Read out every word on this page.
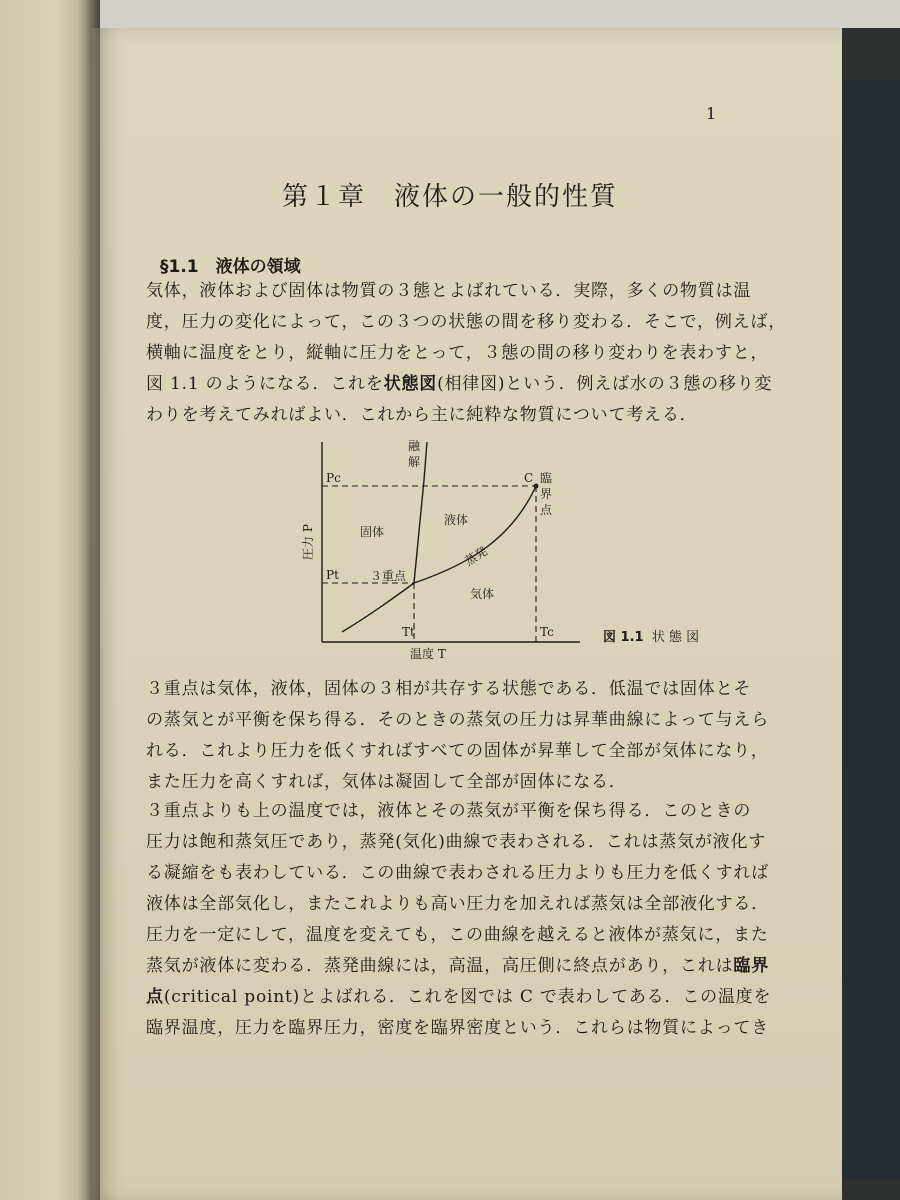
1
第１章　液体の一般的性質
§1.1　液体の領域

気体，液体および固体は物質の３態とよばれている．実際，多くの物質は温
度，圧力の変化によって，この３つの状態の間を移り変わる．そこで，例えば，
横軸に温度をとり，縦軸に圧力をとって，３態の間の移り変わりを表わすと，
図 1.1 のようになる．これを状態図(相律図)という．例えば水の３態の移り変
わりを考えてみればよい．これから主に純粋な物質について考える．

Pc
Pt
Tt	Tc
C
固体
液体
気体
３重点
蒸発
圧力 P
温度 T
融
解
臨
界
点
図 1.1 状 態 図

３重点は気体，液体，固体の３相が共存する状態である．低温では固体とそ
の蒸気とが平衡を保ち得る．そのときの蒸気の圧力は昇華曲線によって与えら
れる．これより圧力を低くすればすべての固体が昇華して全部が気体になり，
また圧力を高くすれば，気体は凝固して全部が固体になる．

３重点よりも上の温度では，液体とその蒸気が平衡を保ち得る．このときの
圧力は飽和蒸気圧であり，蒸発(気化)曲線で表わされる．これは蒸気が液化す
る凝縮をも表わしている．この曲線で表わされる圧力よりも圧力を低くすれば
液体は全部気化し，またこれよりも高い圧力を加えれば蒸気は全部液化する．
圧力を一定にして，温度を変えても，この曲線を越えると液体が蒸気に，また
蒸気が液体に変わる．蒸発曲線には，高温，高圧側に終点があり，これは臨界
点(critical point)とよばれる．これを図では C で表わしてある．この温度を
臨界温度，圧力を臨界圧力，密度を臨界密度という．これらは物質によってき
